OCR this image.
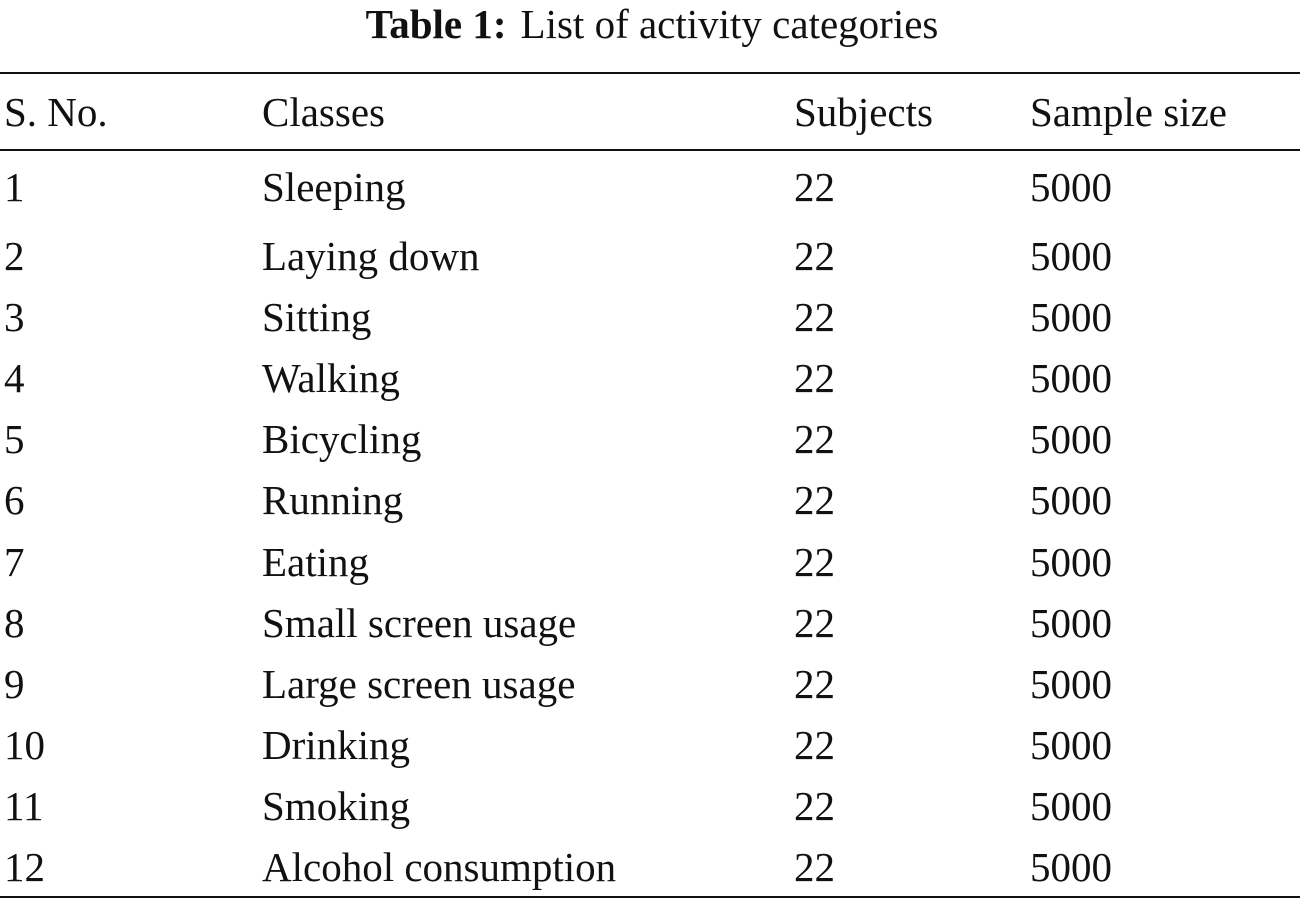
Table 1: List of activity categories
S. No.	Classes	Subjects	Sample size
1	Sleeping	22	5000
2	Laying down	22	5000
3	Sitting	22	5000
4	Walking	22	5000
5	Bicycling	22	5000
6	Running	22	5000
7	Eating	22	5000
8	Small screen usage	22	5000
9	Large screen usage	22	5000
10	Drinking	22	5000
11	Smoking	22	5000
12	Alcohol consumption	22	5000
